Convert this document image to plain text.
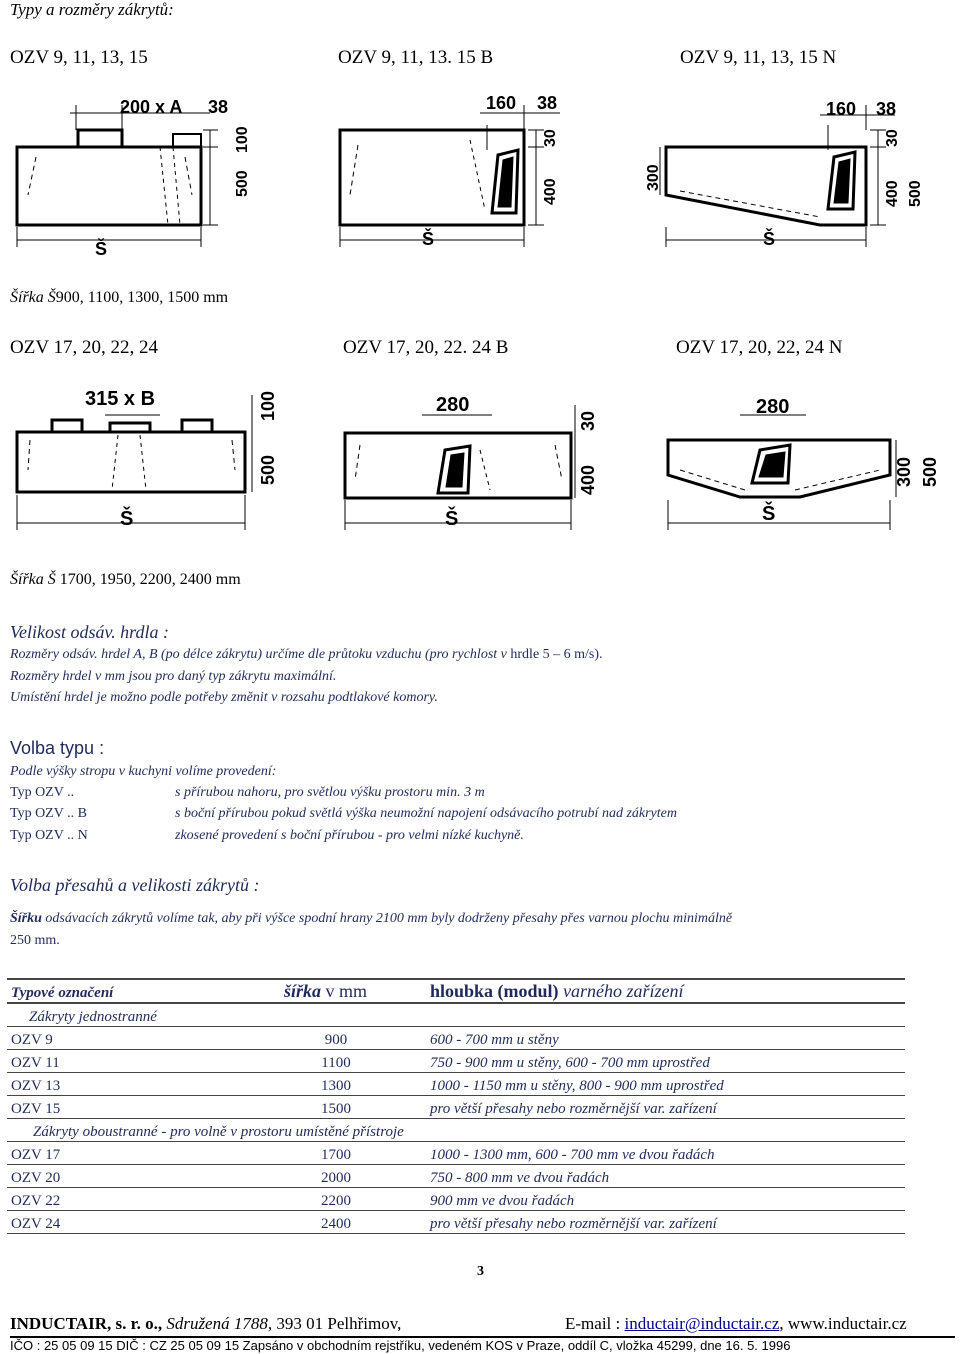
Typy a rozměry zákrytů:
OZV 9, 11, 13, 15	OZV 9, 11, 13. 15 B	OZV 9, 11, 13, 15 N
200 x A 38
500
100
Š
160 38
30
400
Š
160 38
300
30
400 500
Š
Šířka Š900, 1100, 1300, 1500 mm
OZV 17, 20, 22, 24	OZV 17, 20, 22. 24 B	OZV 17, 20, 22, 24 N
315 x B	100
500
Š
280
30
400
Š
280
300 500
Š
Šířka Š 1700, 1950, 2200, 2400 mm
Velikost odsáv. hrdla :
Rozměry odsáv. hrdel A, B (po délce zákrytu) určíme dle průtoku vzduchu (pro rychlost v hrdle 5 – 6 m/s).
Rozměry hrdel v mm jsou pro daný typ zákrytu maximální.
Umístění hrdel je možno podle potřeby změnit v rozsahu podtlakové komory.
Volba typu :
Podle výšky stropu v kuchyni volíme provedení:
Typ OZV ..	s přírubou nahoru, pro světlou výšku prostoru min. 3 m
Typ OZV .. B	s boční přírubou pokud světlá výška neumožní napojení odsávacího potrubí nad zákrytem
Typ OZV .. N	zkosené provedení s boční přírubou - pro velmi nízké kuchyně.
Volba přesahů a velikosti zákrytů :
Šířku odsávacích zákrytů volíme tak, aby při výšce spodní hrany 2100 mm byly dodrženy přesahy přes varnou plochu minimálně
250 mm.
Typové označení	šířka v mm	hloubka (modul) varného zařízení
Zákryty jednostranné		
OZV 9	900	600 - 700 mm u stěny
OZV 11	1100	750 - 900 mm u stěny, 600 - 700 mm uprostřed
OZV 13	1300	1000 - 1150 mm u stěny, 800 - 900 mm uprostřed
OZV 15	1500	pro větší přesahy nebo rozměrnější var. zařízení
Zákryty oboustranné - pro volně v prostoru umístěné přístroje		
OZV 17	1700	1000 - 1300 mm, 600 - 700 mm ve dvou řadách
OZV 20	2000	750 - 800 mm ve dvou řadách
OZV 22	2200	900 mm ve dvou řadách
OZV 24	2400	pro větší přesahy nebo rozměrnější var. zařízení
3
INDUCTAIR, s. r. o., Sdružená 1788, 393 01 Pelhřimov,	E-mail : inductair@inductair.cz, www.inductair.cz
IČO : 25 05 09 15 DIČ : CZ 25 05 09 15 Zapsáno v obchodním rejstříku, vedeném KOS v Praze, oddíl C, vložka 45299, dne 16. 5. 1996
